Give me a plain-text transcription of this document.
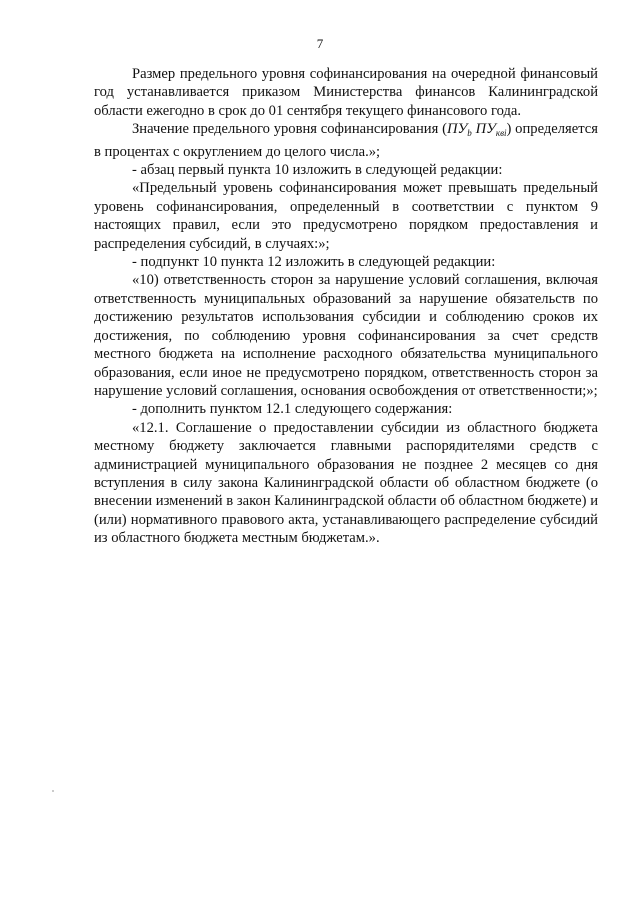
7

Размер предельного уровня софинансирования на очередной финансовый год устанавливается приказом Министерства финансов Калининградской области ежегодно в срок до 01 сентября текущего финансового года.

Значение предельного уровня софинансирования ($ПУ_b$ $ПУ_{квi}$) определяется в процентах с округлением до целого числа.»;

- абзац первый пункта 10 изложить в следующей редакции:

«Предельный уровень софинансирования может превышать предельный уровень софинансирования, определенный в соответствии с пунктом 9 настоящих правил, если это предусмотрено порядком предоставления и распределения субсидий, в случаях:»;

- подпункт 10 пункта 12 изложить в следующей редакции:

«10) ответственность сторон за нарушение условий соглашения, включая ответственность муниципальных образований за нарушение обязательств по достижению результатов использования субсидии и соблюдению сроков их достижения, по соблюдению уровня софинансирования за счет средств местного бюджета на исполнение расходного обязательства муниципального образования, если иное не предусмотрено порядком, ответственность сторон за нарушение условий соглашения, основания освобождения от ответственности;»;

- дополнить пунктом 12.1 следующего содержания:

«12.1. Соглашение о предоставлении субсидии из областного бюджета местному бюджету заключается главными распорядителями средств с администрацией муниципального образования не позднее 2 месяцев со дня вступления в силу закона Калининградской области об областном бюджете (о внесении изменений в закон Калининградской области об областном бюджете) и (или) нормативного правового акта, устанавливающего распределение субсидий из областного бюджета местным бюджетам.».
